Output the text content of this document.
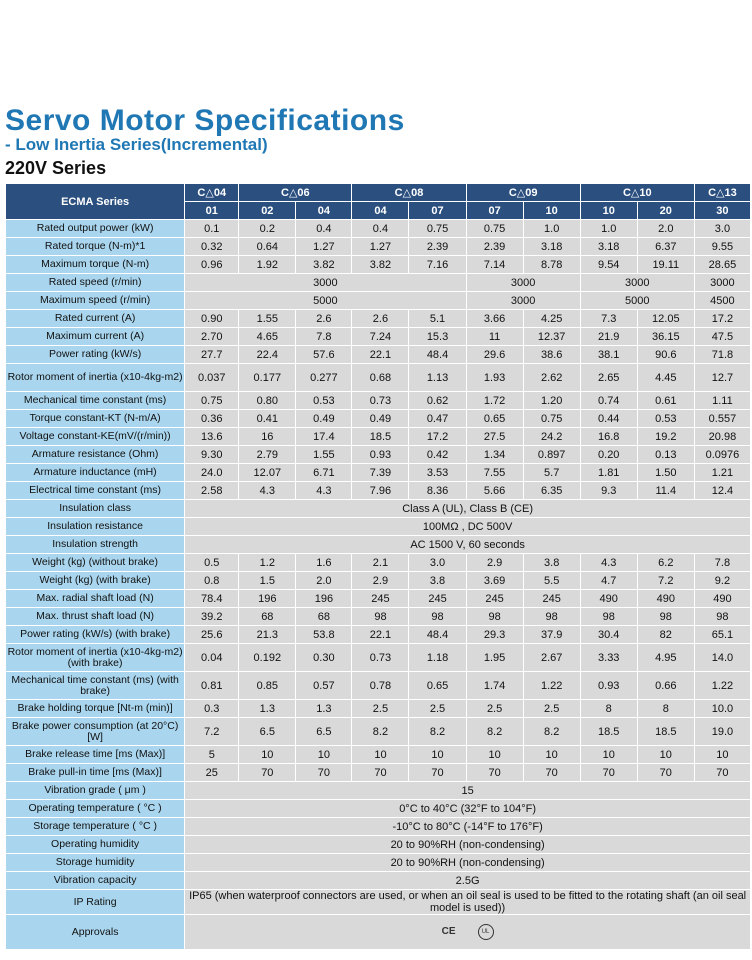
Servo Motor Specifications
- Low Inertia Series(Incremental)
220V Series
ECMA Series	C△04	C△06		C△08		C△09		C△10		C△13
	01	02	04	04	07	07	10	10	20	30
Rated output power (kW)	0.1	0.2	0.4	0.4	0.75	0.75	1.0	1.0	2.0	3.0
Rated torque (N-m)*1	0.32	0.64	1.27	1.27	2.39	2.39	3.18	3.18	6.37	9.55
Maximum torque (N-m)	0.96	1.92	3.82	3.82	7.16	7.14	8.78	9.54	19.11	28.65
Rated speed (r/min)	3000					3000		3000		3000
Maximum speed (r/min)	5000					3000		5000		4500
Rated current (A)	0.90	1.55	2.6	2.6	5.1	3.66	4.25	7.3	12.05	17.2
Maximum current (A)	2.70	4.65	7.8	7.24	15.3	11	12.37	21.9	36.15	47.5
Power rating (kW/s)	27.7	22.4	57.6	22.1	48.4	29.6	38.6	38.1	90.6	71.8
Rotor moment of inertia (x10-4kg-m2)	0.037	0.177	0.277	0.68	1.13	1.93	2.62	2.65	4.45	12.7
Mechanical time constant (ms)	0.75	0.80	0.53	0.73	0.62	1.72	1.20	0.74	0.61	1.11
Torque constant-KT (N-m/A)	0.36	0.41	0.49	0.49	0.47	0.65	0.75	0.44	0.53	0.557
Voltage constant-KE(mV/(r/min))	13.6	16	17.4	18.5	17.2	27.5	24.2	16.8	19.2	20.98
Armature resistance (Ohm)	9.30	2.79	1.55	0.93	0.42	1.34	0.897	0.20	0.13	0.0976
Armature inductance (mH)	24.0	12.07	6.71	7.39	3.53	7.55	5.7	1.81	1.50	1.21
Electrical time constant (ms)	2.58	4.3	4.3	7.96	8.36	5.66	6.35	9.3	11.4	12.4
Insulation class	Class A (UL), Class B (CE)									
Insulation resistance	100MΩ , DC 500V									
Insulation strength	AC 1500 V, 60 seconds									
Weight (kg) (without brake)	0.5	1.2	1.6	2.1	3.0	2.9	3.8	4.3	6.2	7.8
Weight (kg) (with brake)	0.8	1.5	2.0	2.9	3.8	3.69	5.5	4.7	7.2	9.2
Max. radial shaft load (N)	78.4	196	196	245	245	245	245	490	490	490
Max. thrust shaft load (N)	39.2	68	68	98	98	98	98	98	98	98
Power rating (kW/s) (with brake)	25.6	21.3	53.8	22.1	48.4	29.3	37.9	30.4	82	65.1
Rotor moment of inertia (x10-4kg-m2) (with brake)	0.04	0.192	0.30	0.73	1.18	1.95	2.67	3.33	4.95	14.0
Mechanical time constant (ms) (with brake)	0.81	0.85	0.57	0.78	0.65	1.74	1.22	0.93	0.66	1.22
Brake holding torque [Nt-m (min)]	0.3	1.3	1.3	2.5	2.5	2.5	2.5	8	8	10.0
Brake power consumption (at 20°C) [W]	7.2	6.5	6.5	8.2	8.2	8.2	8.2	18.5	18.5	19.0
Brake release time [ms (Max)]	5	10	10	10	10	10	10	10	10	10
Brake pull-in time [ms (Max)]	25	70	70	70	70	70	70	70	70	70
Vibration grade ( μm )	15									
Operating temperature ( °C )	0°C to 40°C (32°F to 104°F)									
Storage temperature ( °C )	-10°C to 80°C (-14°F to 176°F)									
Operating humidity	20 to 90%RH (non-condensing)									
Storage humidity	20 to 90%RH (non-condensing)									
Vibration capacity	2.5G									
IP Rating	IP65 (when waterproof connectors are used, or when an oil seal is used to be fitted to the rotating shaft (an oil seal model is used))									
Approvals	CE UL									
